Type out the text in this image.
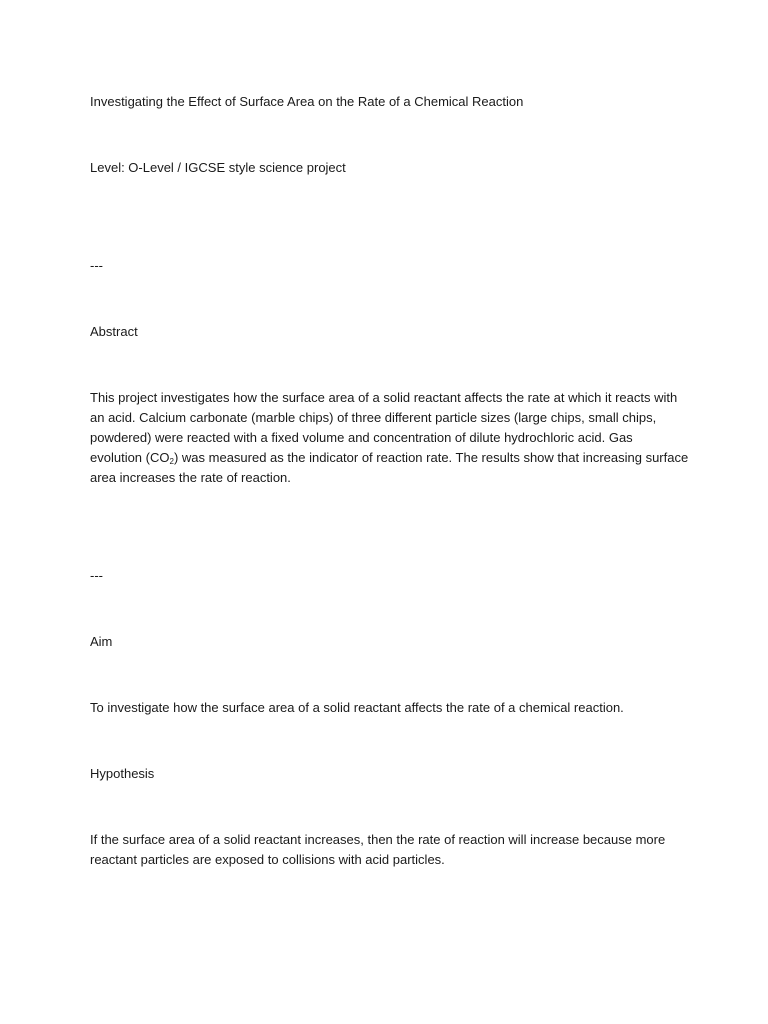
Investigating the Effect of Surface Area on the Rate of a Chemical Reaction
Level: O-Level / IGCSE style science project
---
Abstract
This project investigates how the surface area of a solid reactant affects the rate at which it reacts with
an acid. Calcium carbonate (marble chips) of three different particle sizes (large chips, small chips,
powdered) were reacted with a fixed volume and concentration of dilute hydrochloric acid. Gas
evolution $(CO_2)$ was measured as the indicator of reaction rate. The results show that increasing surface
area increases the rate of reaction.
---
Aim
To investigate how the surface area of a solid reactant affects the rate of a chemical reaction.
Hypothesis
If the surface area of a solid reactant increases, then the rate of reaction will increase because more
reactant particles are exposed to collisions with acid particles.
